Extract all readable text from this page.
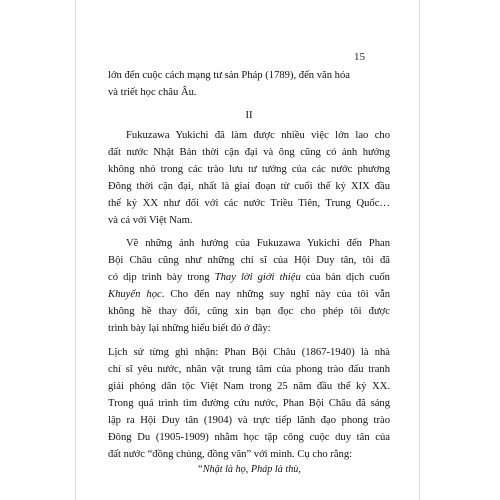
15
lớn đến cuộc cách mạng tư sản Pháp (1789), đến văn hóa
và triết học châu Âu.
II
Fukuzawa Yukichi đã làm được nhiều việc lớn lao cho
đất nước Nhật Bản thời cận đại và ông cũng có ảnh hưởng
không nhỏ trong các trào lưu tư tưởng của các nước phương
Đông thời cận đại, nhất là giai đoạn từ cuối thế kỷ XIX đầu
thế kỷ XX như đối với các nước Triều Tiên, Trung Quốc…
và cả với Việt Nam.
Về những ảnh hưởng của Fukuzawa Yukichi đến Phan
Bội Châu cũng như những chí sĩ của Hội Duy tân, tôi đã
có dịp trình bày trong Thay lời giới thiệu của bản dịch cuốn
Khuyến học. Cho đến nay những suy nghĩ này của tôi vẫn
không hề thay đổi, cũng xin bạn đọc cho phép tôi được
trình bày lại những hiểu biết đó ở đây:
Lịch sử từng ghi nhận: Phan Bội Châu (1867-1940) là nhà
chí sĩ yêu nước, nhân vật trung tâm của phong trào đấu tranh
giải phóng dân tộc Việt Nam trong 25 năm đầu thế kỷ XX.
Trong quá trình tìm đường cứu nước, Phan Bội Châu đã sáng
lập ra Hội Duy tân (1904) và trực tiếp lãnh đạo phong trào
Đông Du (1905-1909) nhằm học tập công cuộc duy tân của
đất nước “đồng chủng, đồng văn” với mình. Cụ cho rằng:
“Nhật là họ, Pháp là thù,
